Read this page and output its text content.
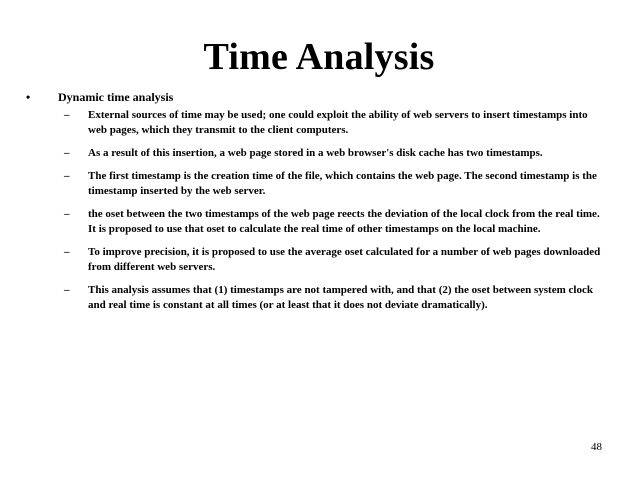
Time Analysis
•	Dynamic time analysis
–	External sources of time may be used; one could exploit the ability of web servers to insert timestamps into web pages, which they transmit to the client computers.
–	As a result of this insertion, a web page stored in a web browser's disk cache has two timestamps.
–	The first timestamp is the creation time of the file, which contains the web page. The second timestamp is the timestamp inserted by the web server.
–	the oset between the two timestamps of the web page reects the deviation of the local clock from the real time. It is proposed to use that oset to calculate the real time of other timestamps on the local machine.
–	To improve precision, it is proposed to use the average oset calculated for a number of web pages downloaded from different web servers.
–	This analysis assumes that (1) timestamps are not tampered with, and that (2) the oset between system clock and real time is constant at all times (or at least that it does not deviate dramatically).
48
